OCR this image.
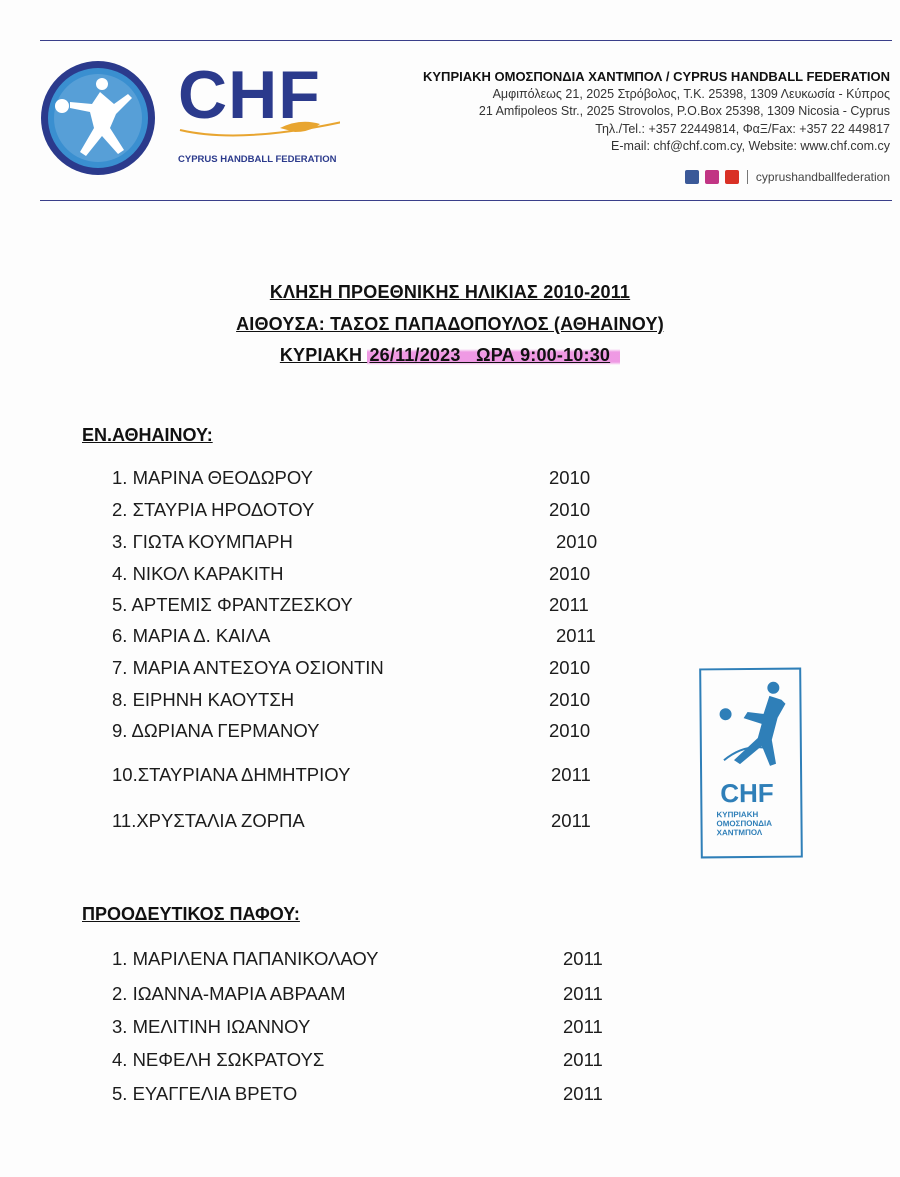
CHF
CYPRUS HANDBALL FEDERATION
ΚΥΠΡΙΑΚΗ ΟΜΟΣΠΟΝΔΙΑ ΧΑΝΤΜΠΟΛ / CYPRUS HANDBALL FEDERATION
Αμφιπόλεως 21, 2025 Στρόβολος, Τ.Κ. 25398, 1309 Λευκωσία - Κύπρος
21 Amfipoleos Str., 2025 Strovolos, P.O.Box 25398, 1309 Nicosia - Cyprus
Τηλ./Tel.: +357 22449814, ΦαΞ/Fax: +357 22 449817
E-mail: chf@chf.com.cy, Website: www.chf.com.cy
cyprushandballfederation
ΚΛΗΣΗ ΠΡΟΕΘΝΙΚΗΣ ΗΛΙΚΙΑΣ 2010-2011
ΑΙΘΟΥΣΑ: ΤΑΣΟΣ ΠΑΠΑΔΟΠΟΥΛΟΣ (ΑΘΗΑΙΝΟΥ)
ΚΥΡΙΑΚΗ 26/11/2023   ΩΡΑ 9:00-10:30
ΕΝ.ΑΘΗΑΙΝΟΥ:
1. ΜΑΡΙΝΑ ΘΕΟΔΩΡΟΥ	2010
2. ΣΤΑΥΡΙΑ ΗΡΟΔΟΤΟΥ	2010
3. ΓΙΩΤΑ ΚΟΥΜΠΑΡΗ	2010
4. ΝΙΚΟΛ ΚΑΡΑΚΙΤΗ	2010
5. ΑΡΤΕΜΙΣ ΦΡΑΝΤΖΕΣΚΟΥ	2011
6. ΜΑΡΙΑ Δ. ΚΑΙΛΑ	2011
7. ΜΑΡΙΑ ΑΝΤΕΣΟΥΑ ΟΣΙΟΝΤΙΝ	2010
8. ΕΙΡΗΝΗ ΚΑΟΥΤΣΗ	2010
9. ΔΩΡΙΑΝΑ ΓΕΡΜΑΝΟΥ	2010
10.ΣΤΑΥΡΙΑΝΑ ΔΗΜΗΤΡΙΟΥ	2011
11.ΧΡΥΣΤΑΛΙΑ ΖΟΡΠΑ	2011
CHF
ΚΥΠΡΙΑΚΗ ΟΜΟΣΠΟΝΔΙΑ ΧΑΝΤΜΠΟΛ
ΠΡΟΟΔΕΥΤΙΚΟΣ ΠΑΦΟΥ:
1. ΜΑΡΙΛΕΝΑ ΠΑΠΑΝΙΚΟΛΑΟΥ	2011
2. ΙΩΑΝΝΑ-ΜΑΡΙΑ ΑΒΡΑΑΜ	2011
3. ΜΕΛΙΤΙΝΗ ΙΩΑΝΝΟΥ	2011
4. ΝΕΦΕΛΗ ΣΩΚΡΑΤΟΥΣ	2011
5. ΕΥΑΓΓΕΛΙΑ ΒΡΕΤΟ	2011
